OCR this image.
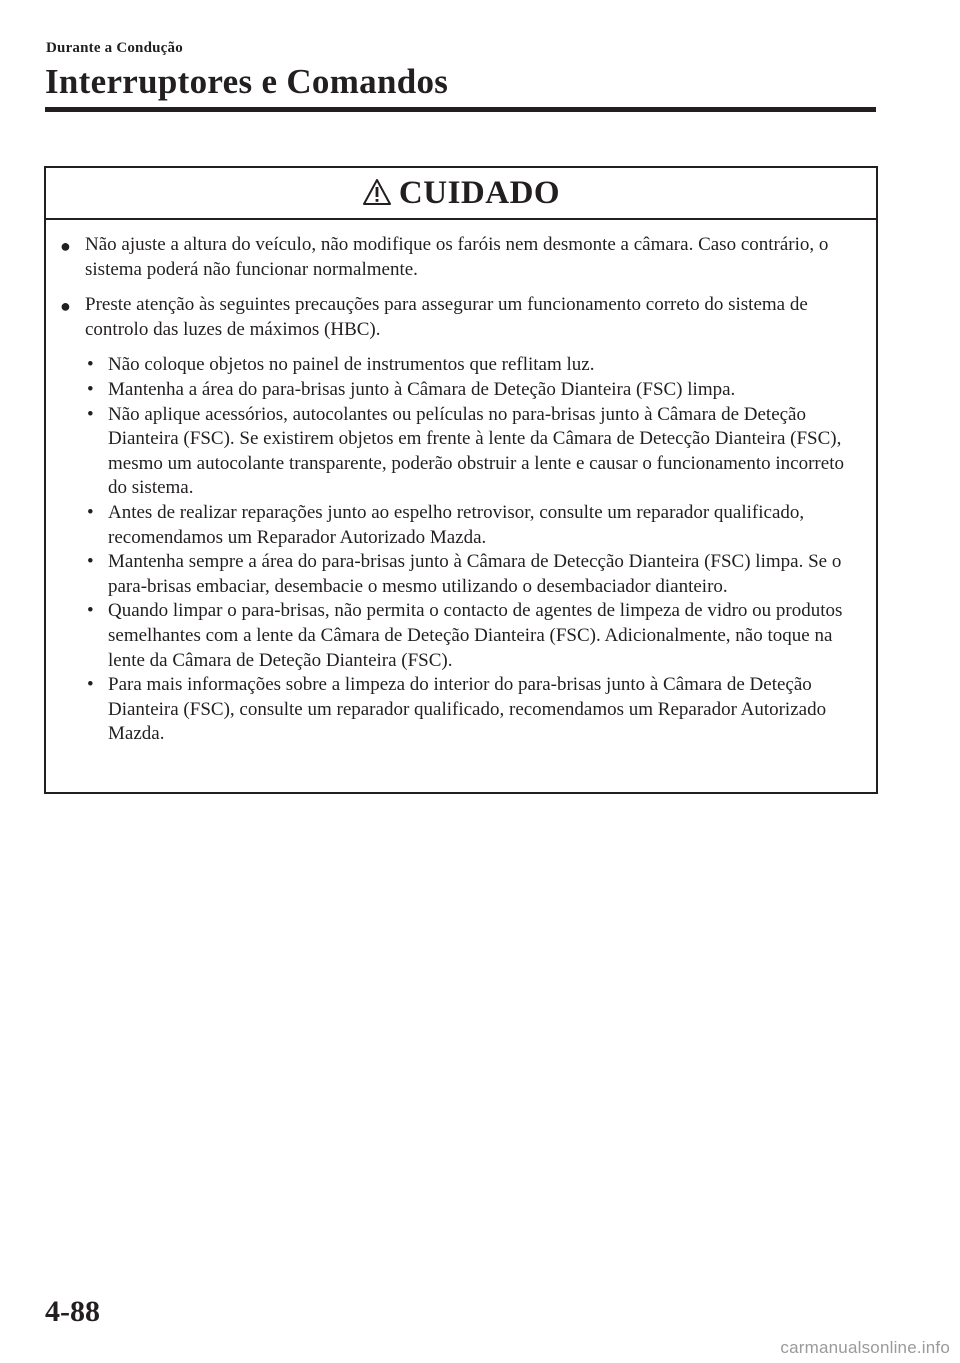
Durante a Condução
Interruptores e Comandos
CUIDADO
● Não ajuste a altura do veículo, não modifique os faróis nem desmonte a câmara. Caso contrário, o sistema poderá não funcionar normalmente.
● Preste atenção às seguintes precauções para assegurar um funcionamento correto do sistema de controlo das luzes de máximos (HBC).
• Não coloque objetos no painel de instrumentos que reflitam luz.
• Mantenha a área do para-brisas junto à Câmara de Deteção Dianteira (FSC) limpa.
• Não aplique acessórios, autocolantes ou películas no para-brisas junto à Câmara de Deteção Dianteira (FSC). Se existirem objetos em frente à lente da Câmara de Detecção Dianteira (FSC), mesmo um autocolante transparente, poderão obstruir a lente e causar o funcionamento incorreto do sistema.
• Antes de realizar reparações junto ao espelho retrovisor, consulte um reparador qualificado, recomendamos um Reparador Autorizado Mazda.
• Mantenha sempre a área do para-brisas junto à Câmara de Detecção Dianteira (FSC) limpa. Se o para-brisas embaciar, desembacie o mesmo utilizando o desembaciador dianteiro.
• Quando limpar o para-brisas, não permita o contacto de agentes de limpeza de vidro ou produtos semelhantes com a lente da Câmara de Deteção Dianteira (FSC). Adicionalmente, não toque na lente da Câmara de Deteção Dianteira (FSC).
• Para mais informações sobre a limpeza do interior do para-brisas junto à Câmara de Deteção Dianteira (FSC), consulte um reparador qualificado, recomendamos um Reparador Autorizado Mazda.
4-88
carmanualsonline.info
